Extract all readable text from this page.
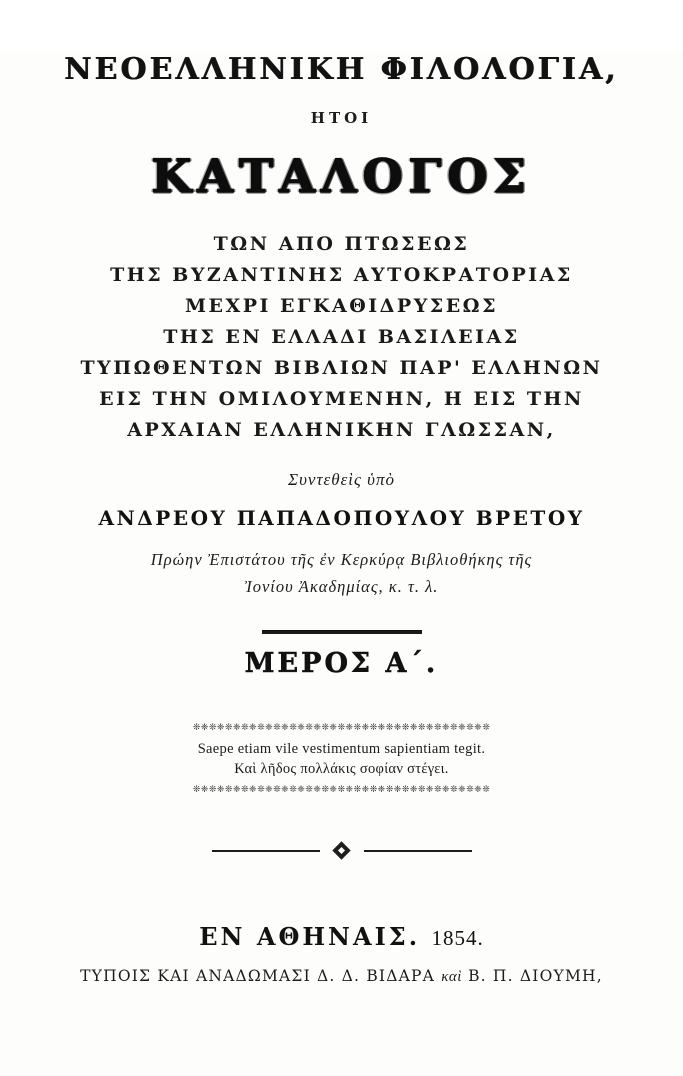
ΝΕΟΕΛΛΗΝΙΚΗ ΦΙΛΟΛΟΓΙΑ,
ΗΤΟΙ
ΚΑΤΑΛΟΓΟΣ
ΤΩΝ ΑΠΟ ΠΤΩΣΕΩΣ
ΤΗΣ ΒΥΖΑΝΤΙΝΗΣ ΑΥΤΟΚΡΑΤΟΡΙΑΣ
ΜΕΧΡΙ ΕΓΚΑΘΙΔΡΥΣΕΩΣ
ΤΗΣ ΕΝ ΕΛΛΑΔΙ ΒΑΣΙΛΕΙΑΣ
ΤΥΠΩΘΕΝΤΩΝ ΒΙΒΛΙΩΝ ΠΑΡ' ΕΛΛΗΝΩΝ
ΕΙΣ ΤΗΝ ΟΜΙΛΟΥΜΕΝΗΝ, Η ΕΙΣ ΤΗΝ
ΑΡΧΑΙΑΝ ΕΛΛΗΝΙΚΗΝ ΓΛΩΣΣΑΝ,
Συντεθεὶς ὑπὸ
ΑΝΔΡΕΟΥ ΠΑΠΑΔΟΠΟΥΛΟΥ ΒΡΕΤΟΥ
Πρώην Ἐπιστάτου τῆς ἐν Κερκύρᾳ Βιβλιοθήκης τῆς
Ἰονίου Ἀκαδημίας, κ. τ. λ.
ΜΕΡΟΣ Α΄.
❊❈❊❈❊❈❊❈❊❈❊❈❊❈❊❈❊❈❊❈❊❈❊❈❊❈❊❈❊❈❊❈❊❈❊❈❊
Saepe etiam vile vestimentum sapientiam tegit.
Καὶ λῆδος πολλάκις σοφίαν στέγει.
❊❈❊❈❊❈❊❈❊❈❊❈❊❈❊❈❊❈❊❈❊❈❊❈❊❈❊❈❊❈❊❈❊❈❊❈❊
ΕΝ ΑΘΗΝΑΙΣ. 1854.
ΤΥΠΟΙΣ ΚΑΙ ΑΝΑΔΩΜΑΣΙ Δ. Δ. ΒΙΔΑΡΑ καὶ Β. Π. ΔΙΟΥΜΗ,
